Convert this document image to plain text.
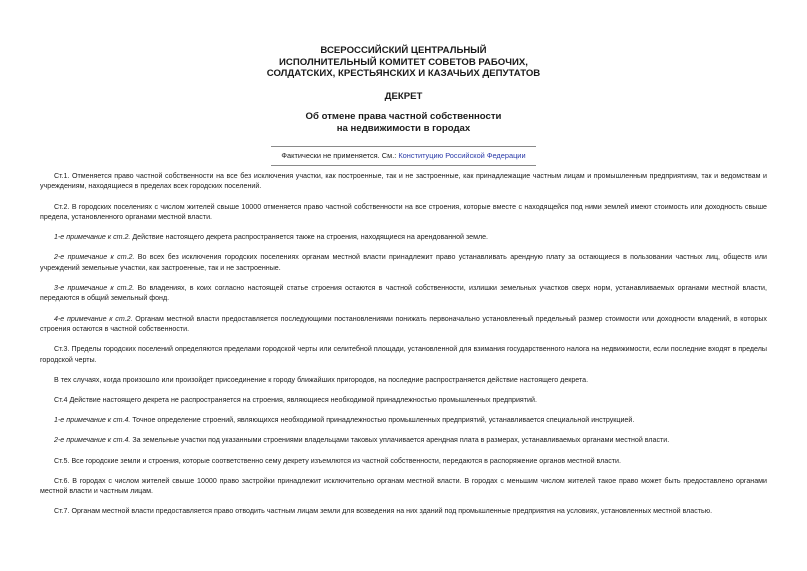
ВСЕРОССИЙСКИЙ ЦЕНТРАЛЬНЫЙ
ИСПОЛНИТЕЛЬНЫЙ КОМИТЕТ СОВЕТОВ РАБОЧИХ,
СОЛДАТСКИХ, КРЕСТЬЯНСКИХ И КАЗАЧЬИХ ДЕПУТАТОВ
ДЕКРЕТ
Об отмене права частной собственности
на недвижимости в городах
Фактически не применяется. См.: Конституцию Российской Федерации

Ст.1. Отменяется право частной собственности на все без исключения участки, как построенные, так и не застроенные, как принадлежащие частным лицам и промышленным предприятиям, так и ведомствам и учреждениям, находящиеся в пределах всех городских поселений.

Ст.2. В городских поселениях с числом жителей свыше 10000 отменяется право частной собственности на все строения, которые вместе с находящейся под ними землей имеют стоимость или доходность свыше предела, установленного органами местной власти.

1-е примечание к ст.2. Действие настоящего декрета распространяется также на строения, находящиеся на арендованной земле.

2-е примечание к ст.2. Во всех без исключения городских поселениях органам местной власти принадлежит право устанавливать арендную плату за остающиеся в пользовании частных лиц, обществ или учреждений земельные участки, как застроенные, так и не застроенные.

3-е примечание к ст.2. Во владениях, в коих согласно настоящей статье строения остаются в частной собственности, излишки земельных участков сверх норм, устанавливаемых органами местной власти, передаются в общий земельный фонд.

4-е примечание к ст.2. Органам местной власти предоставляется последующими постановлениями понижать первоначально установленный предельный размер стоимости или доходности владений, в которых строения остаются в частной собственности.

Ст.3. Пределы городских поселений определяются пределами городской черты или селитебной площади, установленной для взимания государственного налога на недвижимости, если последние входят в пределы городской черты.

В тех случаях, когда произошло или произойдет присоединение к городу ближайших пригородов, на последние распространяется действие настоящего декрета.

Ст.4 Действие настоящего декрета не распространяется на строения, являющиеся необходимой принадлежностью промышленных предприятий.

1-е примечание к ст.4. Точное определение строений, являющихся необходимой принадлежностью промышленных предприятий, устанавливается специальной инструкцией.

2-е примечание к ст.4. За земельные участки под указанными строениями владельцами таковых уплачивается арендная плата в размерах, устанавливаемых органами местной власти.

Ст.5. Все городские земли и строения, которые соответственно сему декрету изъемлются из частной собственности, передаются в распоряжение органов местной власти.

Ст.6. В городах с числом жителей свыше 10000 право застройки принадлежит исключительно органам местной власти. В городах с меньшим числом жителей такое право может быть предоставлено органами местной власти и частным лицам.

Ст.7. Органам местной власти предоставляется право отводить частным лицам земли для возведения на них зданий под промышленные предприятия на условиях, установленных местной властью.
